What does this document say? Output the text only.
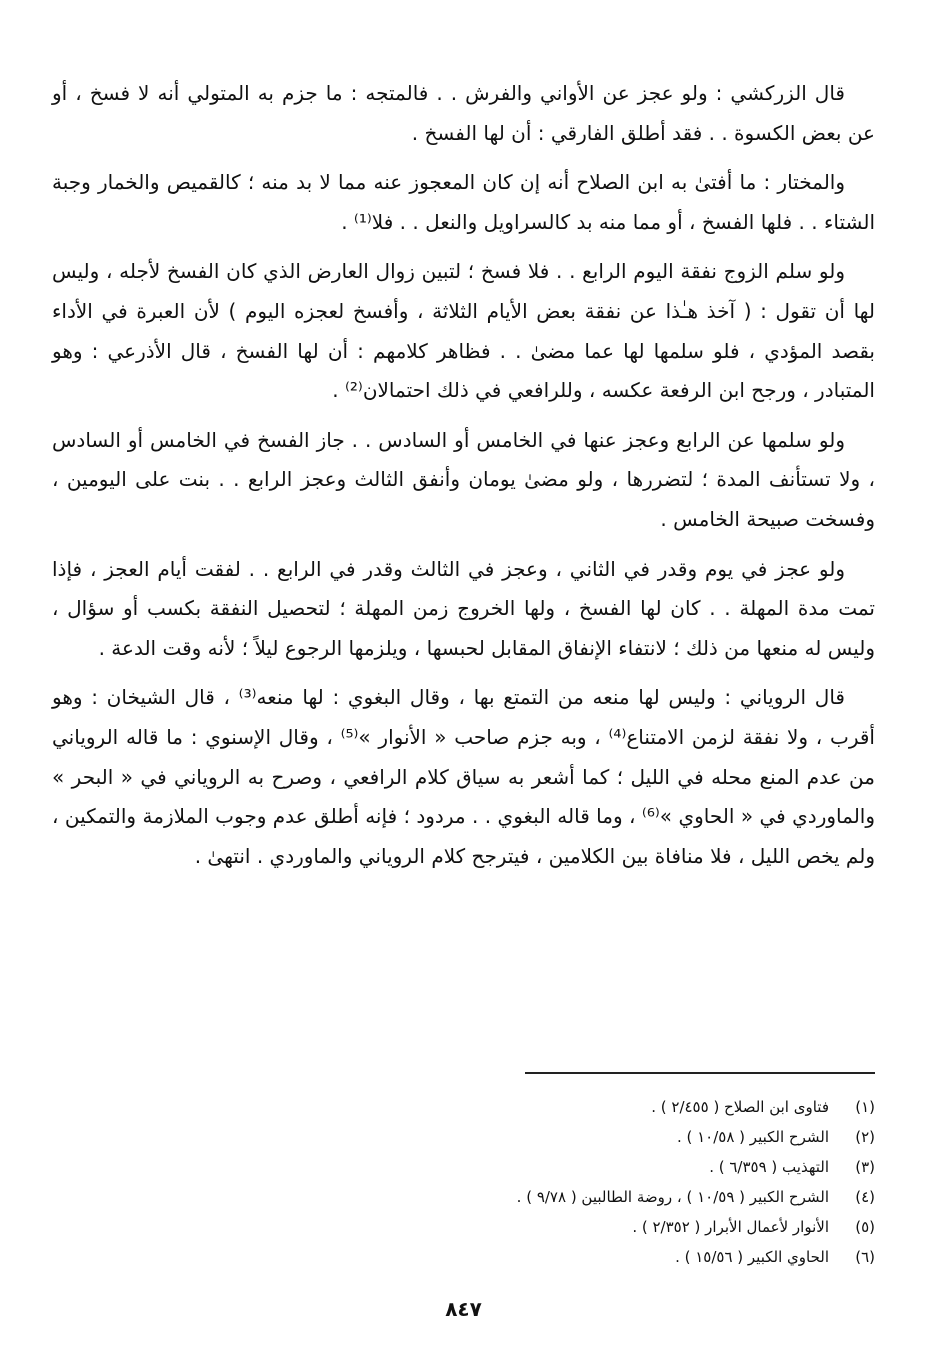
قال الزركشي : ولو عجز عن الأواني والفرش . . فالمتجه : ما جزم به المتولي أنه لا فسخ ، أو عن بعض الكسوة . . فقد أطلق الفارقي : أن لها الفسخ .

والمختار : ما أفتىٰ به ابن الصلاح أنه إن كان المعجوز عنه مما لا بد منه ؛ كالقميص والخمار وجبة الشتاء . . فلها الفسخ ، أو مما منه بد كالسراويل والنعل . . فلا⁽¹⁾ .

ولو سلم الزوج نفقة اليوم الرابع . . فلا فسخ ؛ لتبين زوال العارض الذي كان الفسخ لأجله ، وليس لها أن تقول : ( آخذ هـٰذا عن نفقة بعض الأيام الثلاثة ، وأفسخ لعجزه اليوم ) لأن العبرة في الأداء بقصد المؤدي ، فلو سلمها لها عما مضىٰ . . فظاهر كلامهم : أن لها الفسخ ، قال الأذرعي : وهو المتبادر ، ورجح ابن الرفعة عكسه ، وللرافعي في ذلك احتمالان⁽²⁾ .

ولو سلمها عن الرابع وعجز عنها في الخامس أو السادس . . جاز الفسخ في الخامس أو السادس ، ولا تستأنف المدة ؛ لتضررها ، ولو مضىٰ يومان وأنفق الثالث وعجز الرابع . . بنت على اليومين ، وفسخت صبيحة الخامس .

ولو عجز في يوم وقدر في الثاني ، وعجز في الثالث وقدر في الرابع . . لفقت أيام العجز ، فإذا تمت مدة المهلة . . كان لها الفسخ ، ولها الخروج زمن المهلة ؛ لتحصيل النفقة بكسب أو سؤال ، وليس له منعها من ذلك ؛ لانتفاء الإنفاق المقابل لحبسها ، ويلزمها الرجوع ليلاً ؛ لأنه وقت الدعة .

قال الروياني : وليس لها منعه من التمتع بها ، وقال البغوي : لها منعه⁽³⁾ ، قال الشيخان : وهو أقرب ، ولا نفقة لزمن الامتناع⁽⁴⁾ ، وبه جزم صاحب « الأنوار »⁽⁵⁾ ، وقال الإسنوي : ما قاله الروياني من عدم المنع محله في الليل ؛ كما أشعر به سياق كلام الرافعي ، وصرح به الروياني في « البحر » والماوردي في « الحاوي »⁽⁶⁾ ، وما قاله البغوي . . مردود ؛ فإنه أطلق عدم وجوب الملازمة والتمكين ، ولم يخص الليل ، فلا منافاة بين الكلامين ، فيترجح كلام الروياني والماوردي . انتهىٰ .

(١)
فتاوى ابن الصلاح ( ٢/٤٥٥ ) .
(٢)
الشرح الكبير ( ١٠/٥٨ ) .
(٣)
التهذيب ( ٦/٣٥٩ ) .
(٤)
الشرح الكبير ( ١٠/٥٩ ) ، روضة الطالبين ( ٩/٧٨ ) .
(٥)
الأنوار لأعمال الأبرار ( ٢/٣٥٢ ) .
(٦)
الحاوي الكبير ( ١٥/٥٦ ) .
٨٤٧
